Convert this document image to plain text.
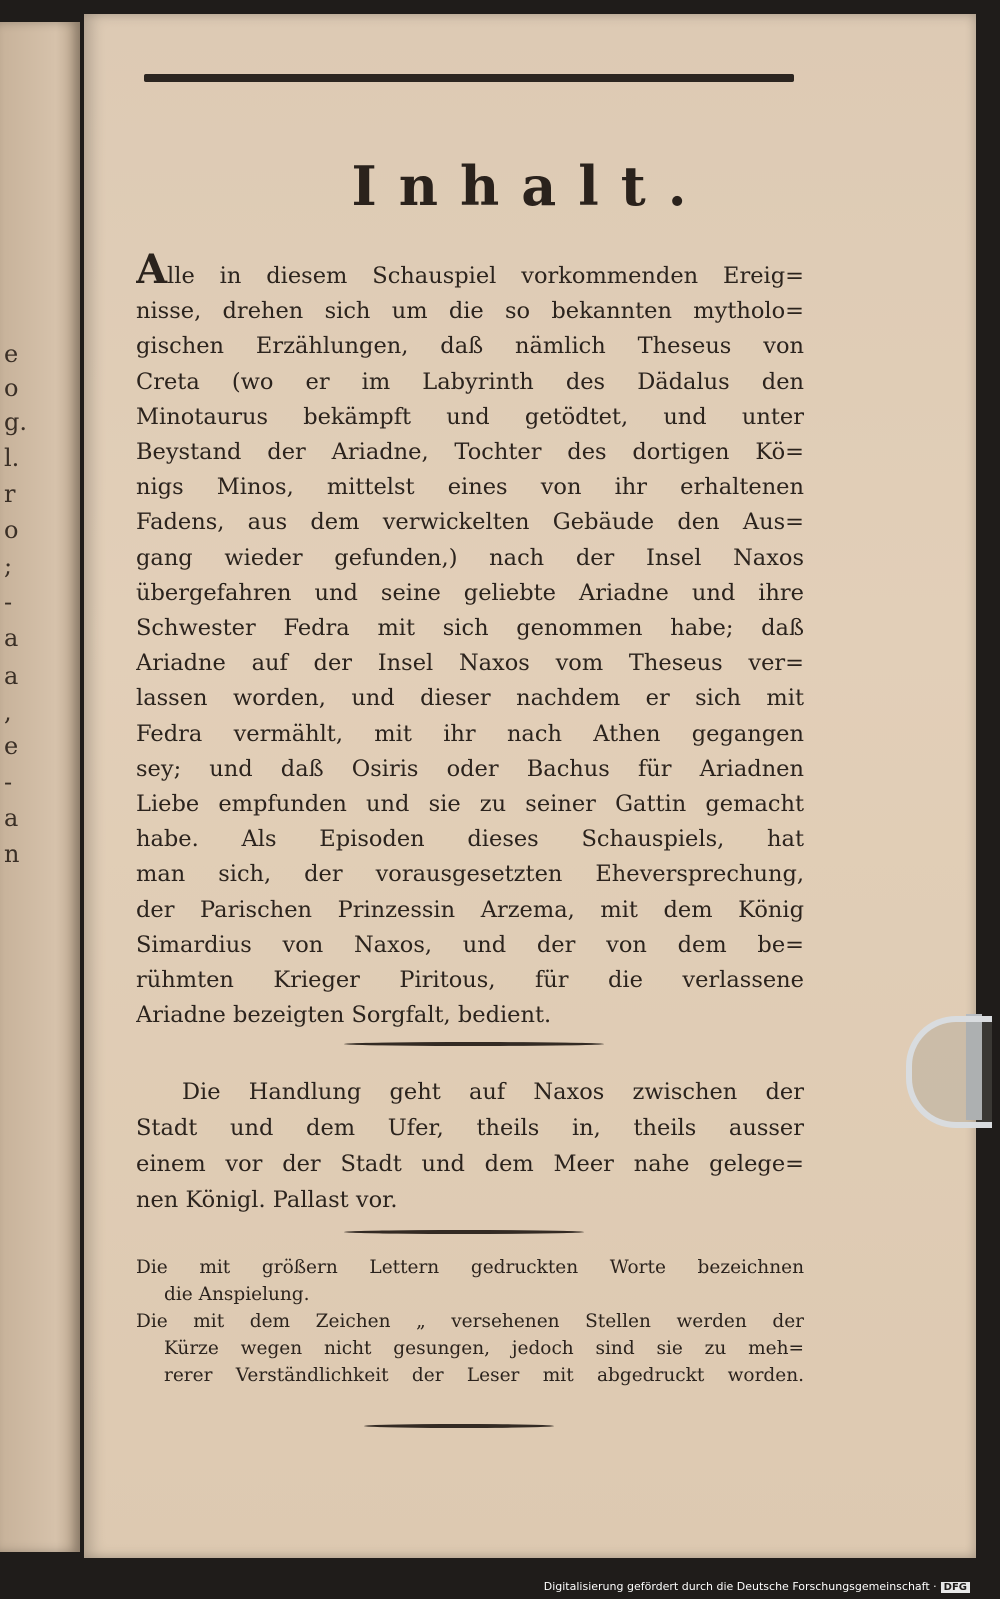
e
o
g.
l.
r
o
;
-
a
a
,
e
-
a
n
Inhalt.
Alle in diesem Schauspiel vorkommenden Ereig=
nisse, drehen sich um die so bekannten mytholo=
gischen Erzählungen, daß nämlich Theseus von
Creta (wo er im Labyrinth des Dädalus den
Minotaurus bekämpft und getödtet, und unter
Beystand der Ariadne, Tochter des dortigen Kö=
nigs Minos, mittelst eines von ihr erhaltenen
Fadens, aus dem verwickelten Gebäude den Aus=
gang wieder gefunden,) nach der Insel Naxos
übergefahren und seine geliebte Ariadne und ihre
Schwester Fedra mit sich genommen habe; daß
Ariadne auf der Insel Naxos vom Theseus ver=
lassen worden, und dieser nachdem er sich mit
Fedra vermählt, mit ihr nach Athen gegangen
sey; und daß Osiris oder Bachus für Ariadnen
Liebe empfunden und sie zu seiner Gattin gemacht
habe. Als Episoden dieses Schauspiels, hat
man sich, der vorausgesetzten Eheversprechung,
der Parischen Prinzessin Arzema, mit dem König
Simardius von Naxos, und der von dem be=
rühmten Krieger Piritous, für die verlassene
Ariadne bezeigten Sorgfalt, bedient.
Die Handlung geht auf Naxos zwischen der
Stadt und dem Ufer, theils in, theils ausser
einem vor der Stadt und dem Meer nahe gelege=
nen Königl. Pallast vor.
Die mit größern Lettern gedruckten Worte bezeichnen
die Anspielung.
Die mit dem Zeichen „ versehenen Stellen werden der
Kürze wegen nicht gesungen, jedoch sind sie zu meh=
rerer Verständlichkeit der Leser mit abgedruckt worden.
Digitalisierung gefördert durch die Deutsche Forschungsgemeinschaft · DFG
